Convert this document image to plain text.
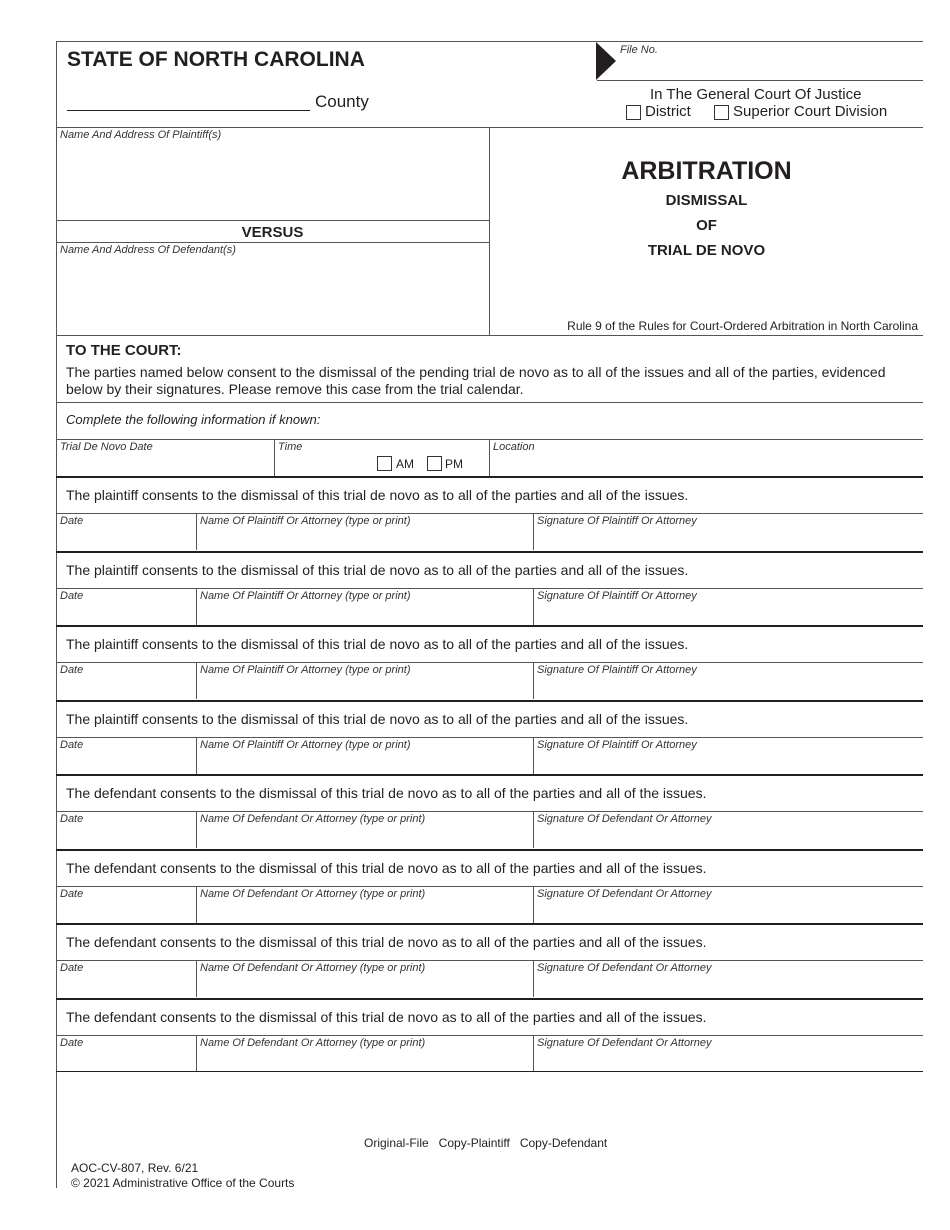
STATE OF NORTH CAROLINA
County
File No.
In The General Court Of Justice
District	Superior Court Division
Name And Address Of Plaintiff(s)
VERSUS
Name And Address Of Defendant(s)
ARBITRATION
DISMISSAL
OF
TRIAL DE NOVO
Rule 9 of the Rules for Court-Ordered Arbitration in North Carolina
TO THE COURT:
The parties named below consent to the dismissal of the pending trial de novo as to all of the issues and all of the parties, evidenced
below by their signatures. Please remove this case from the trial calendar.
Complete the following information if known:
Trial De Novo Date	Time
AM	PM
Location
The plaintiff consents to the dismissal of this trial de novo as to all of the parties and all of the issues.
Date	Name Of Plaintiff Or Attorney (type or print)	Signature Of Plaintiff Or Attorney
The plaintiff consents to the dismissal of this trial de novo as to all of the parties and all of the issues.
Date	Name Of Plaintiff Or Attorney (type or print)	Signature Of Plaintiff Or Attorney
The plaintiff consents to the dismissal of this trial de novo as to all of the parties and all of the issues.
Date	Name Of Plaintiff Or Attorney (type or print)	Signature Of Plaintiff Or Attorney
The plaintiff consents to the dismissal of this trial de novo as to all of the parties and all of the issues.
Date	Name Of Plaintiff Or Attorney (type or print)	Signature Of Plaintiff Or Attorney
The defendant consents to the dismissal of this trial de novo as to all of the parties and all of the issues.
Date	Name Of Defendant Or Attorney (type or print)	Signature Of Defendant Or Attorney
The defendant consents to the dismissal of this trial de novo as to all of the parties and all of the issues.
Date	Name Of Defendant Or Attorney (type or print)	Signature Of Defendant Or Attorney
The defendant consents to the dismissal of this trial de novo as to all of the parties and all of the issues.
Date	Name Of Defendant Or Attorney (type or print)	Signature Of Defendant Or Attorney
The defendant consents to the dismissal of this trial de novo as to all of the parties and all of the issues.
Date	Name Of Defendant Or Attorney (type or print)	Signature Of Defendant Or Attorney
Original-File   Copy-Plaintiff   Copy-Defendant
AOC-CV-807, Rev. 6/21
© 2021 Administrative Office of the Courts
